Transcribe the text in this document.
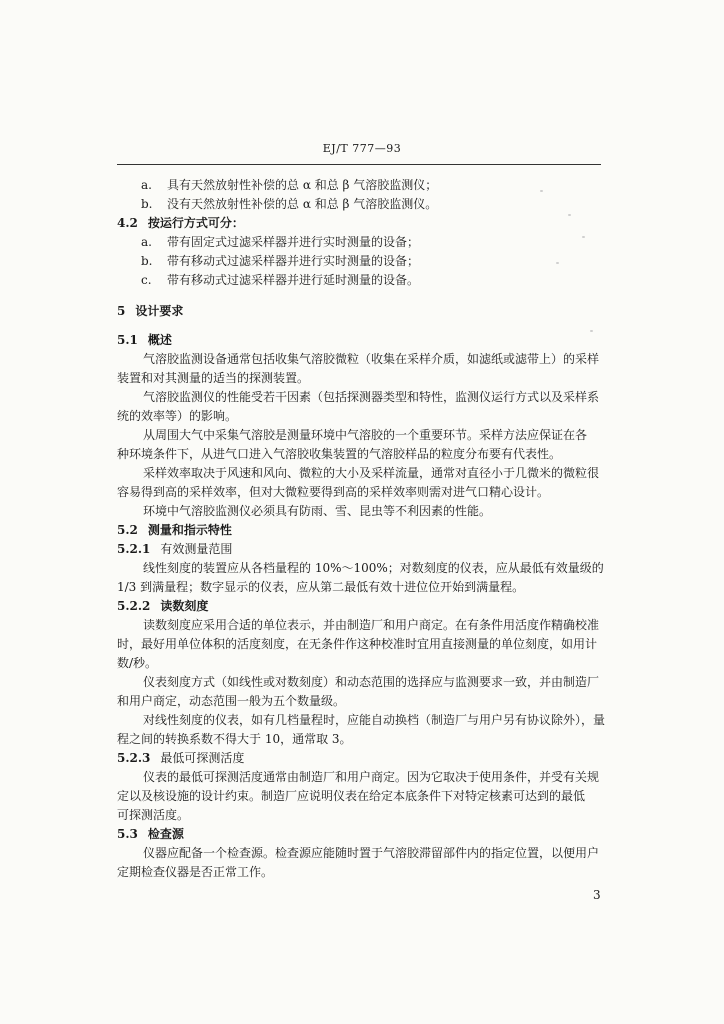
EJ/T 777—93
a. 具有天然放射性补偿的总 α 和总 β 气溶胶监测仪；
b. 没有天然放射性补偿的总 α 和总 β 气溶胶监测仪。
4.2 按运行方式可分：
a. 带有固定式过滤采样器并进行实时测量的设备；
b. 带有移动式过滤采样器并进行实时测量的设备；
c. 带有移动式过滤采样器并进行延时测量的设备。
5 设计要求
5.1 概述
气溶胶监测设备通常包括收集气溶胶微粒（收集在采样介质，如滤纸或滤带上）的采样
装置和对其测量的适当的探测装置。
气溶胶监测仪的性能受若干因素（包括探测器类型和特性，监测仪运行方式以及采样系
统的效率等）的影响。
从周围大气中采集气溶胶是测量环境中气溶胶的一个重要环节。采样方法应保证在各
种环境条件下，从进气口进入气溶胶收集装置的气溶胶样品的粒度分布要有代表性。
采样效率取决于风速和风向、微粒的大小及采样流量，通常对直径小于几微米的微粒很
容易得到高的采样效率，但对大微粒要得到高的采样效率则需对进气口精心设计。
环境中气溶胶监测仪必须具有防雨、雪、昆虫等不利因素的性能。
5.2 测量和指示特性
5.2.1 有效测量范围
线性刻度的装置应从各档量程的 10%～100%；对数刻度的仪表，应从最低有效量级的
1/3 到满量程；数字显示的仪表，应从第二最低有效十进位位开始到满量程。
5.2.2 读数刻度
读数刻度应采用合适的单位表示，并由制造厂和用户商定。在有条件用活度作精确校准
时，最好用单位体积的活度刻度，在无条件作这种校准时宜用直接测量的单位刻度，如用计
数/秒。
仪表刻度方式（如线性或对数刻度）和动态范围的选择应与监测要求一致，并由制造厂
和用户商定，动态范围一般为五个数量级。
对线性刻度的仪表，如有几档量程时，应能自动换档（制造厂与用户另有协议除外），量
程之间的转换系数不得大于 10，通常取 3。
5.2.3 最低可探测活度
仪表的最低可探测活度通常由制造厂和用户商定。因为它取决于使用条件，并受有关规
定以及核设施的设计约束。制造厂应说明仪表在给定本底条件下对特定核素可达到的最低
可探测活度。
5.3 检查源
仪器应配备一个检查源。检查源应能随时置于气溶胶滞留部件内的指定位置，以便用户
定期检查仪器是否正常工作。
3
